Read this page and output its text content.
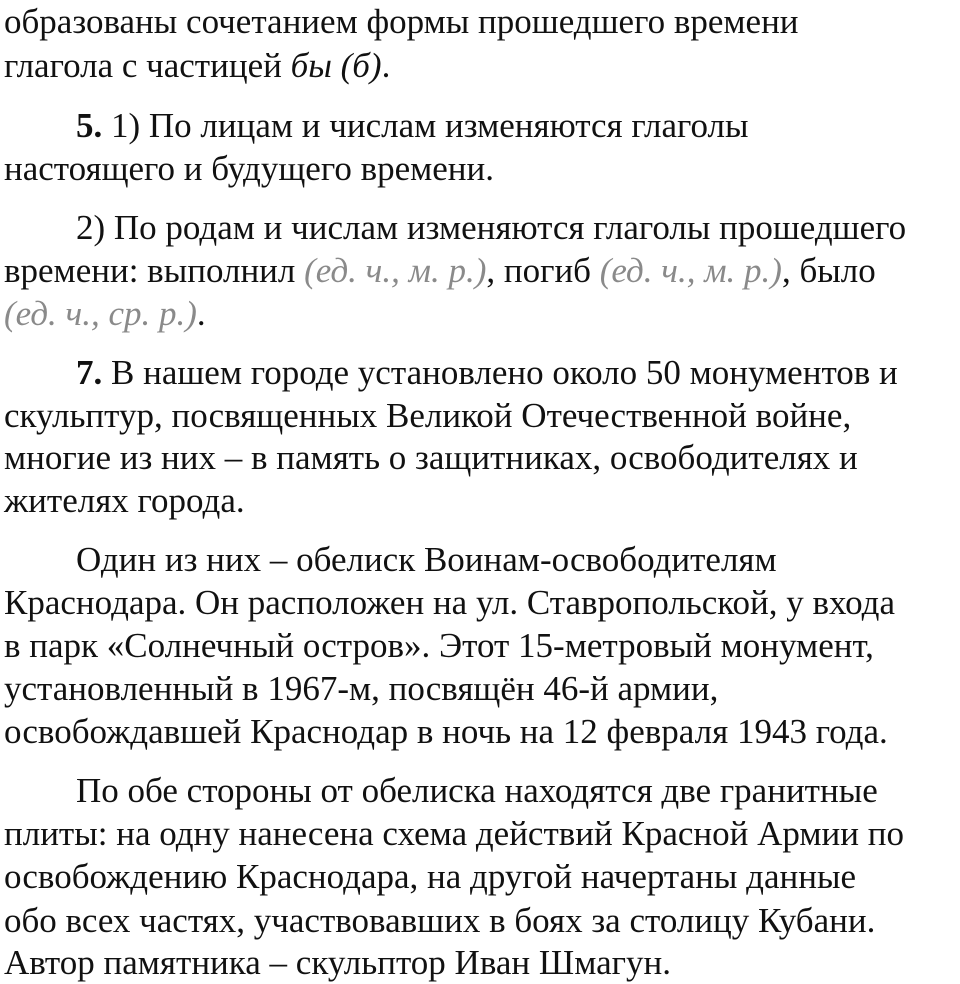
образованы сочетанием формы прошедшего времени
глагола с частицей бы (б).
5. 1) По лицам и числам изменяются глаголы
настоящего и будущего времени.
2) По родам и числам изменяются глаголы прошедшего
времени: выполнил (ед. ч., м. р.), погиб (ед. ч., м. р.), было
(ед. ч., ср. р.).
7. В нашем городе установлено около 50 монументов и
скульптур, посвященных Великой Отечественной войне,
многие из них – в память о защитниках, освободителях и
жителях города.
Один из них – обелиск Воинам-освободителям
Краснодара. Он расположен на ул. Ставропольской, у входа
в парк «Солнечный остров». Этот 15-метровый монумент,
установленный в 1967-м, посвящён 46-й армии,
освобождавшей Краснодар в ночь на 12 февраля 1943 года.
По обе стороны от обелиска находятся две гранитные
плиты: на одну нанесена схема действий Красной Армии по
освобождению Краснодара, на другой начертаны данные
обо всех частях, участвовавших в боях за столицу Кубани.
Автор памятника – скульптор Иван Шмагун.
